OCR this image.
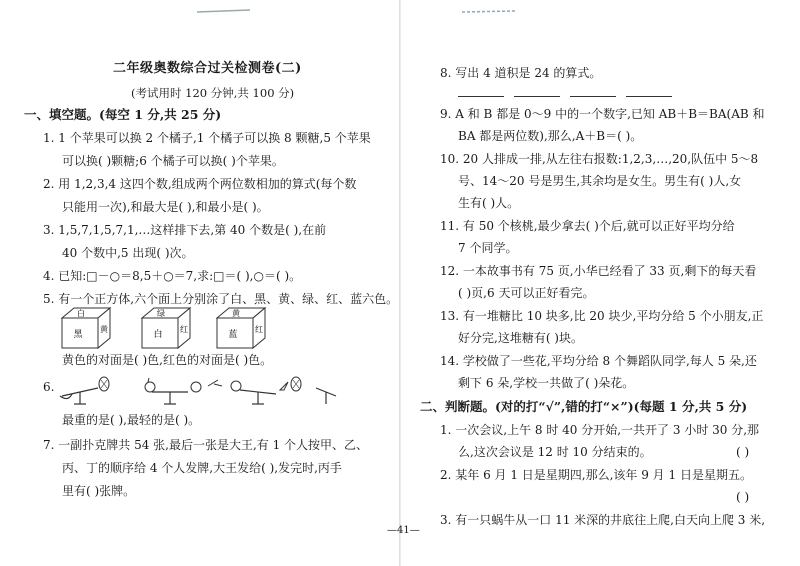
二年级奥数综合过关检测卷(二)
(考试用时 120 分钟,共 100 分)
一、填空题。(每空 1 分,共 25 分)
1. 1 个苹果可以换 2 个橘子,1 个橘子可以换 8 颗糖,5 个苹果
可以换( )颗糖;6 个橘子可以换( )个苹果。
2. 用 1,2,3,4 这四个数,组成两个两位数相加的算式(每个数
只能用一次),和最大是( ),和最小是( )。
3. 1,5,7,1,5,7,1,…这样排下去,第 40 个数是( ),在前
40 个数中,5 出现( )次。
4. 已知:□－○＝8,5＋○＝7,求:□＝( ),○＝( )。
5. 有一个正方体,六个面上分别涂了白、黑、黄、绿、红、蓝六色。
白
黑
黄
绿
白
红
黄
蓝
红
黄色的对面是( )色,红色的对面是( )色。
6.
最重的是( ),最轻的是( )。
7. 一副扑克牌共 54 张,最后一张是大王,有 1 个人按甲、乙、
丙、丁的顺序给 4 个人发牌,大王发给( ),发完时,丙手
里有( )张牌。
8. 写出 4 道积是 24 的算式。
9. A 和 B 都是 0～9 中的一个数字,已知 AB＋B＝BA(AB 和
BA 都是两位数),那么,A＋B＝( )。
10. 20 人排成一排,从左往右报数:1,2,3,…,20,队伍中 5～8
号、14～20 号是男生,其余均是女生。男生有( )人,女
生有( )人。
11. 有 50 个核桃,最少拿去( )个后,就可以正好平均分给
7 个同学。
12. 一本故事书有 75 页,小华已经看了 33 页,剩下的每天看
( )页,6 天可以正好看完。
13. 有一堆糖比 10 块多,比 20 块少,平均分给 5 个小朋友,正
好分完,这堆糖有( )块。
14. 学校做了一些花,平均分给 8 个舞蹈队同学,每人 5 朵,还
剩下 6 朵,学校一共做了( )朵花。
二、判断题。(对的打“√”,错的打“×”)(每题 1 分,共 5 分)
1. 一次会议,上午 8 时 40 分开始,一共开了 3 小时 30 分,那
么,这次会议是 12 时 10 分结束的。	( )
2. 某年 6 月 1 日是星期四,那么,该年 9 月 1 日是星期五。
( )
3. 有一只蜗牛从一口 11 米深的井底往上爬,白天向上爬 3 米,
—41—
